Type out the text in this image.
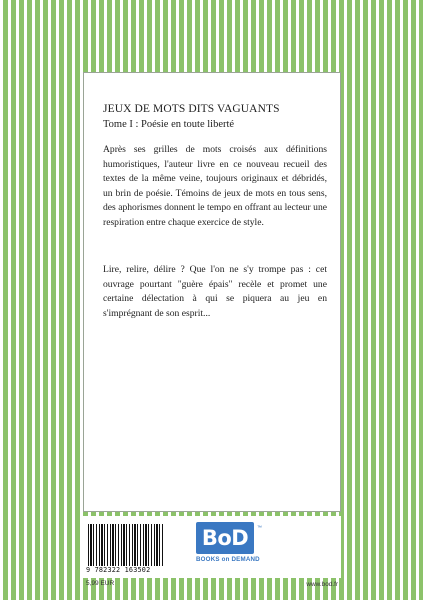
JEUX DE MOTS DITS VAGUANTS
Tome I : Poésie en toute liberté

Après ses grilles de mots croisés aux définitions humoristiques, l'auteur livre en ce nouveau recueil des textes de la même veine, toujours originaux et débridés, un brin de poésie. Témoins de jeux de mots en tous sens, des aphorismes donnent le tempo en offrant au lecteur une respiration entre chaque exercice de style.

Lire, relire, délire ? Que l'on ne s'y trompe pas : cet ouvrage pourtant "guère épais" recèle et promet une certaine délectation à qui se piquera au jeu en s'imprégnant de son esprit...

9 782322 163502
5,99 EUR
BoD	™
BOOKS on DEMAND
www.bod.fr
